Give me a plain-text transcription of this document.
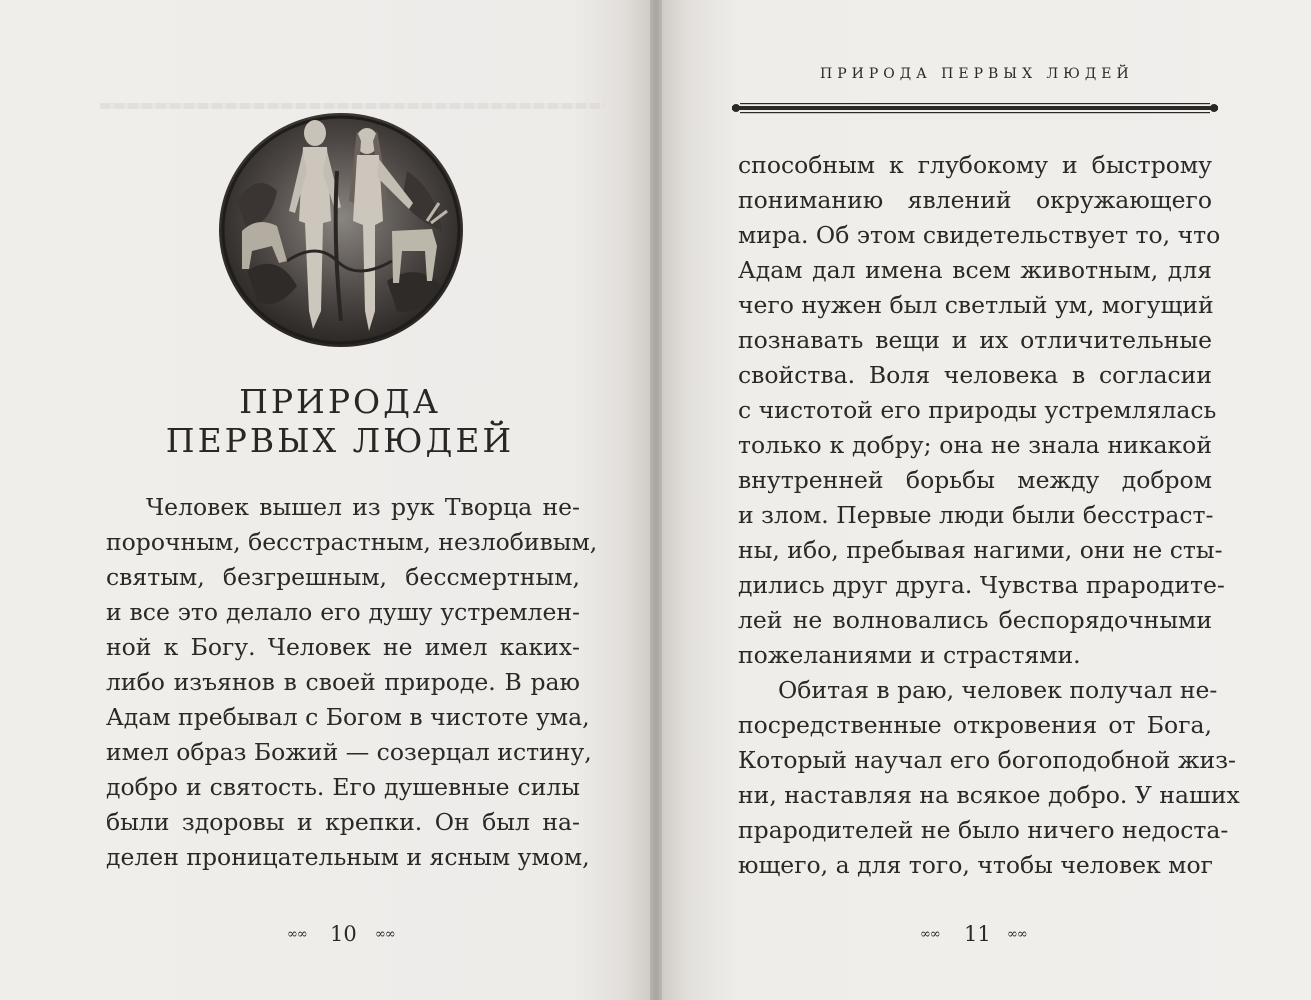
ПРИРОДА
ПЕРВЫХ ЛЮДЕЙ
Человек вышел из рук Творца не-
порочным, бесстрастным, незлобивым,
святым, безгрешным, бессмертным,
и все это делало его душу устремлен-
ной к Богу. Человек не имел каких-
либо изъянов в своей природе. В раю
Адам пребывал с Богом в чистоте ума,
имел образ Божий — созерцал истину,
добро и святость. Его душевные силы
были здоровы и крепки. Он был на-
делен проницательным и ясным умом,
∞∞ 10 ∞∞
ПРИРОДА ПЕРВЫХ ЛЮДЕЙ
способным к глубокому и быстрому
пониманию явлений окружающего
мира. Об этом свидетельствует то, что
Адам дал имена всем животным, для
чего нужен был светлый ум, могущий
познавать вещи и их отличительные
свойства. Воля человека в согласии
с чистотой его природы устремлялась
только к добру; она не знала никакой
внутренней борьбы между добром
и злом. Первые люди были бесстраст-
ны, ибо, пребывая нагими, они не сты-
дились друг друга. Чувства прародите-
лей не волновались беспорядочными
пожеланиями и страстями.
Обитая в раю, человек получал не-
посредственные откровения от Бога,
Который научал его богоподобной жиз-
ни, наставляя на всякое добро. У наших
прародителей не было ничего недоста-
ющего, а для того, чтобы человек мог
∞∞ 11 ∞∞
